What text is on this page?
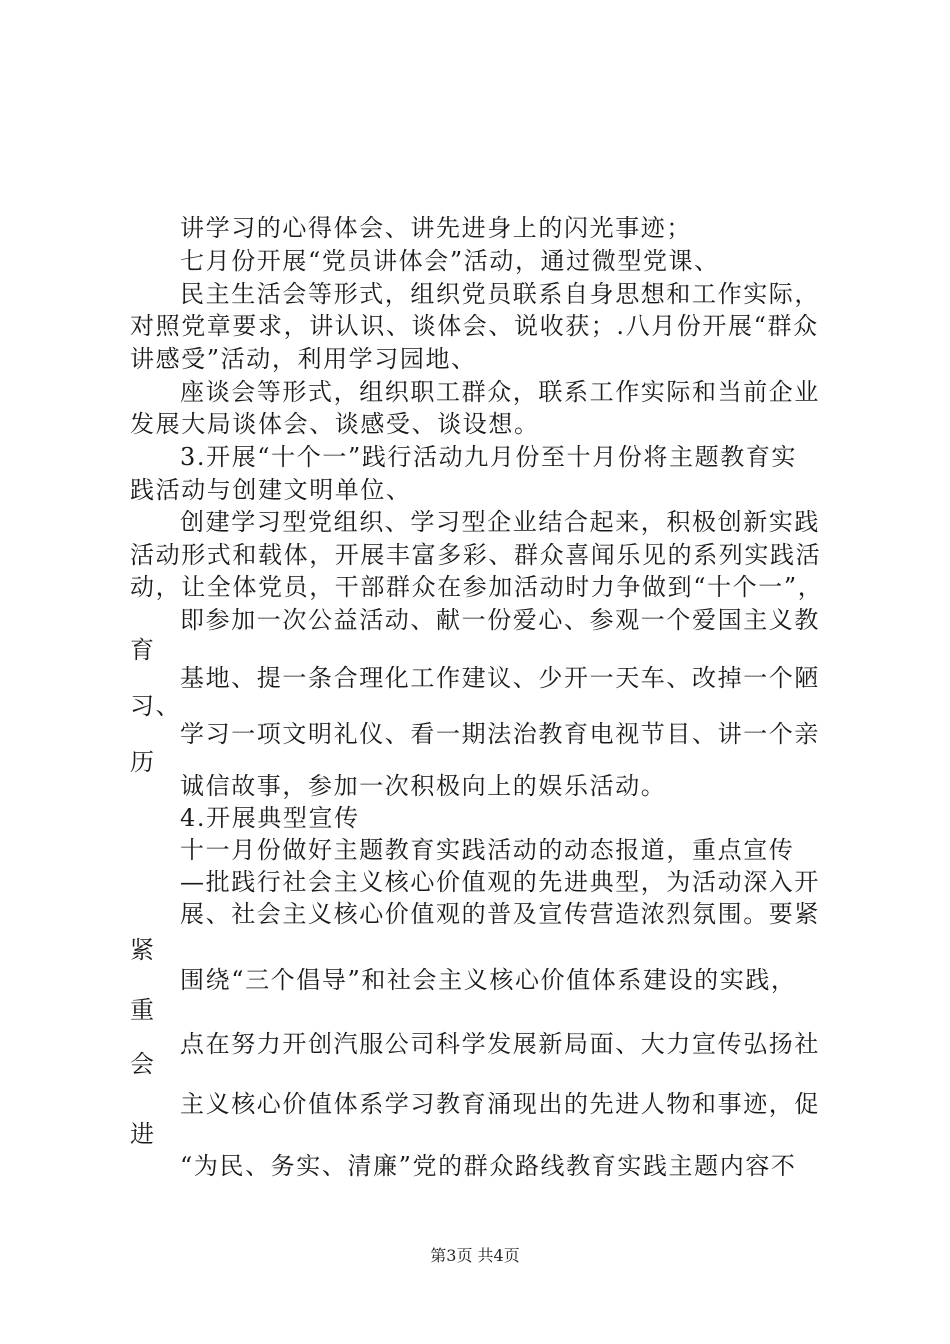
讲学习的心得体会、讲先进身上的闪光事迹；
七月份开展“党员讲体会”活动，通过微型党课、
民主生活会等形式，组织党员联系自身思想和工作实际，
对照党章要求，讲认识、谈体会、说收获；.八月份开展“群众
讲感受”活动，利用学习园地、
座谈会等形式，组织职工群众，联系工作实际和当前企业
发展大局谈体会、谈感受、谈设想。
3.开展“十个一”践行活动九月份至十月份将主题教育实
践活动与创建文明单位、
创建学习型党组织、学习型企业结合起来，积极创新实践
活动形式和载体，开展丰富多彩、群众喜闻乐见的系列实践活
动，让全体党员，干部群众在参加活动时力争做到“十个一”，
即参加一次公益活动、献一份爱心、参观一个爱国主义教
育
基地、提一条合理化工作建议、少开一天车、改掉一个陋
习、
学习一项文明礼仪、看一期法治教育电视节目、讲一个亲
历
诚信故事，参加一次积极向上的娱乐活动。
4.开展典型宣传
十一月份做好主题教育实践活动的动态报道，重点宣传
—批践行社会主义核心价值观的先进典型，为活动深入开
展、社会主义核心价值观的普及宣传营造浓烈氛围。要紧
紧
围绕“三个倡导”和社会主义核心价值体系建设的实践，
重
点在努力开创汽服公司科学发展新局面、大力宣传弘扬社
会
主义核心价值体系学习教育涌现出的先进人物和事迹，促
进
“为民、务实、清廉”党的群众路线教育实践主题内容不
第3页 共4页
